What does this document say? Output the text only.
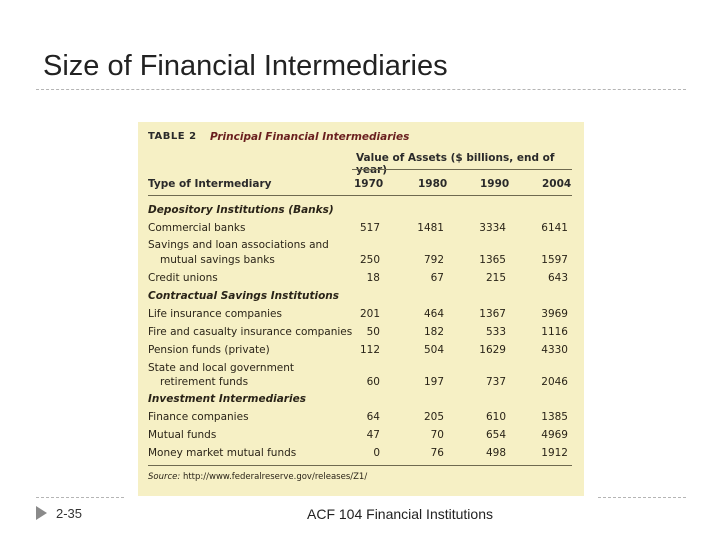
Size of Financial Intermediaries
TABLE 2 Principal Financial Intermediaries
Value of Assets ($ billions, end of year)
Type of Intermediary	1970	1980	1990	2004
Depository Institutions (Banks)
Commercial banks	517	1481	3334	6141
Savings and loan associations and
mutual savings banks	250	792	1365	1597
Credit unions	18	67	215	643
Contractual Savings Institutions
Life insurance companies	201	464	1367	3969
Fire and casualty insurance companies	50	182	533	1116
Pension funds (private)	112	504	1629	4330
State and local government
retirement funds	60	197	737	2046
Investment Intermediaries
Finance companies	64	205	610	1385
Mutual funds	47	70	654	4969
Money market mutual funds	0	76	498	1912
Source: http://www.federalreserve.gov/releases/Z1/
2-35	ACF 104 Financial Institutions
